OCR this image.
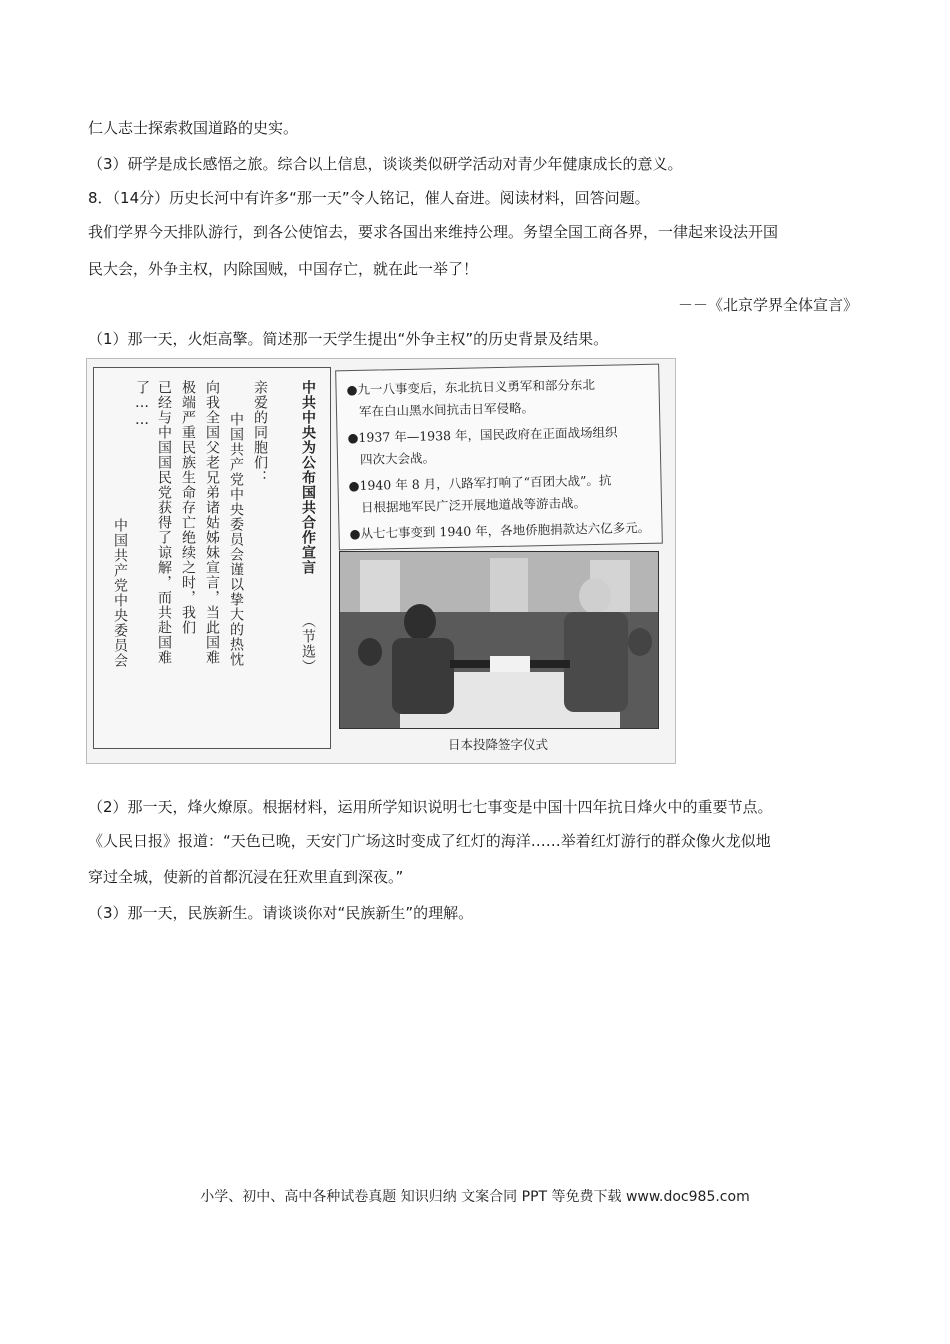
仁人志士探索救国道路的史实。
（3）研学是成长感悟之旅。综合以上信息，谈谈类似研学活动对青少年健康成长的意义。
8．（14分）历史长河中有许多“那一天”令人铭记，催人奋进。阅读材料，回答问题。
我们学界今天排队游行，到各公使馆去，要求各国出来维持公理。务望全国工商各界，一律起来设法开国
民大会，外争主权，内除国贼，中国存亡，就在此一举了！
－－《北京学界全体宣言》
（1）那一天，火炬高擎。简述那一天学生提出“外争主权”的历史背景及结果。
中共中央为公布国共合作宣言
（节选）
亲爱的同胞们：
中国共产党中央委员会谨以挚大的热忱
向我全国父老兄弟诸姑姊妹宣言，当此国难
极端严重民族生命存亡绝续之时，我们
已经与中国国民党获得了谅解，而共赴国难
了……
中国共产党中央委员会
●九一八事变后，东北抗日义勇军和部分东北
军在白山黑水间抗击日军侵略。
●1937 年—1938 年，国民政府在正面战场组织
四次大会战。
●1940 年 8 月，八路军打响了“百团大战”。抗
日根据地军民广泛开展地道战等游击战。
●从七七事变到 1940 年，各地侨胞捐款达六亿多元。
日本投降签字仪式
（2）那一天，烽火燎原。根据材料，运用所学知识说明七七事变是中国十四年抗日烽火中的重要节点。
《人民日报》报道：“天色已晚，天安门广场这时变成了红灯的海洋……举着红灯游行的群众像火龙似地
穿过全城，使新的首都沉浸在狂欢里直到深夜。”
（3）那一天，民族新生。请谈谈你对“民族新生”的理解。
小学、初中、高中各种试卷真题 知识归纳 文案合同 PPT 等免费下载 www.doc985.com
